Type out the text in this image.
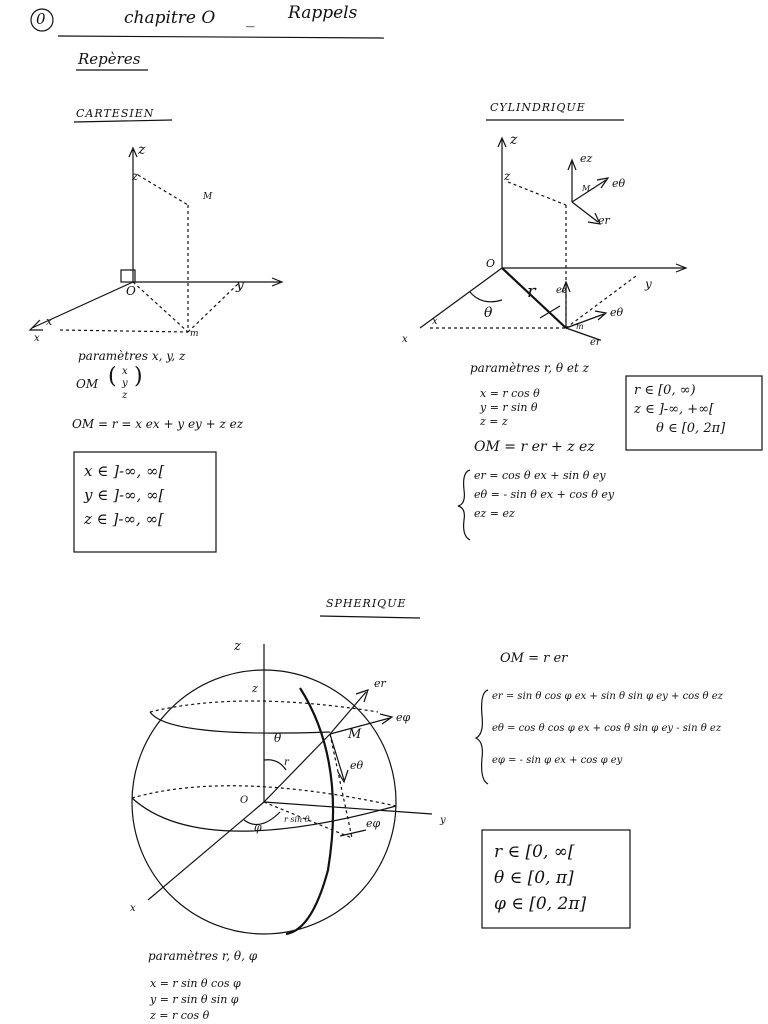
0	chapitre O _ Rappels
Repères
CARTESIEN
z
z
M
O	y
x
x	m
paramètres x, y, z
OM ( x
y
z
)
OM = r = x ex + y ey + z ez
x ∈ ]-∞, ∞[
y ∈ ]-∞, ∞[
z ∈ ]-∞, ∞[
CYLINDRIQUE
z
z
ez
eθ
M
er
O
y
r ez
θ	eθ
x	m
er
x
paramètres r, θ et z
x = r cos θ
y = r sin θ
z = z
r ∈ [0, ∞)
z ∈ ]-∞, +∞[
θ ∈ [0, 2π]
OM = r er + z ez
er = cos θ ex + sin θ ey
eθ = - sin θ ex + cos θ ey
ez = ez
SPHERIQUE
z
z
θ	M
er
eφ
eθ
r
O
φ
r sin θ	eφ	y
x
OM = r er
er = sin θ cos φ ex + sin θ sin φ ey + cos θ ez
eθ = cos θ cos φ ex + cos θ sin φ ey - sin θ ez
eφ = - sin φ ex + cos φ ey
r ∈ [0, ∞[
θ ∈ [0, π]
φ ∈ [0, 2π]
paramètres r, θ, φ
x = r sin θ cos φ
y = r sin θ sin φ
z = r cos θ
